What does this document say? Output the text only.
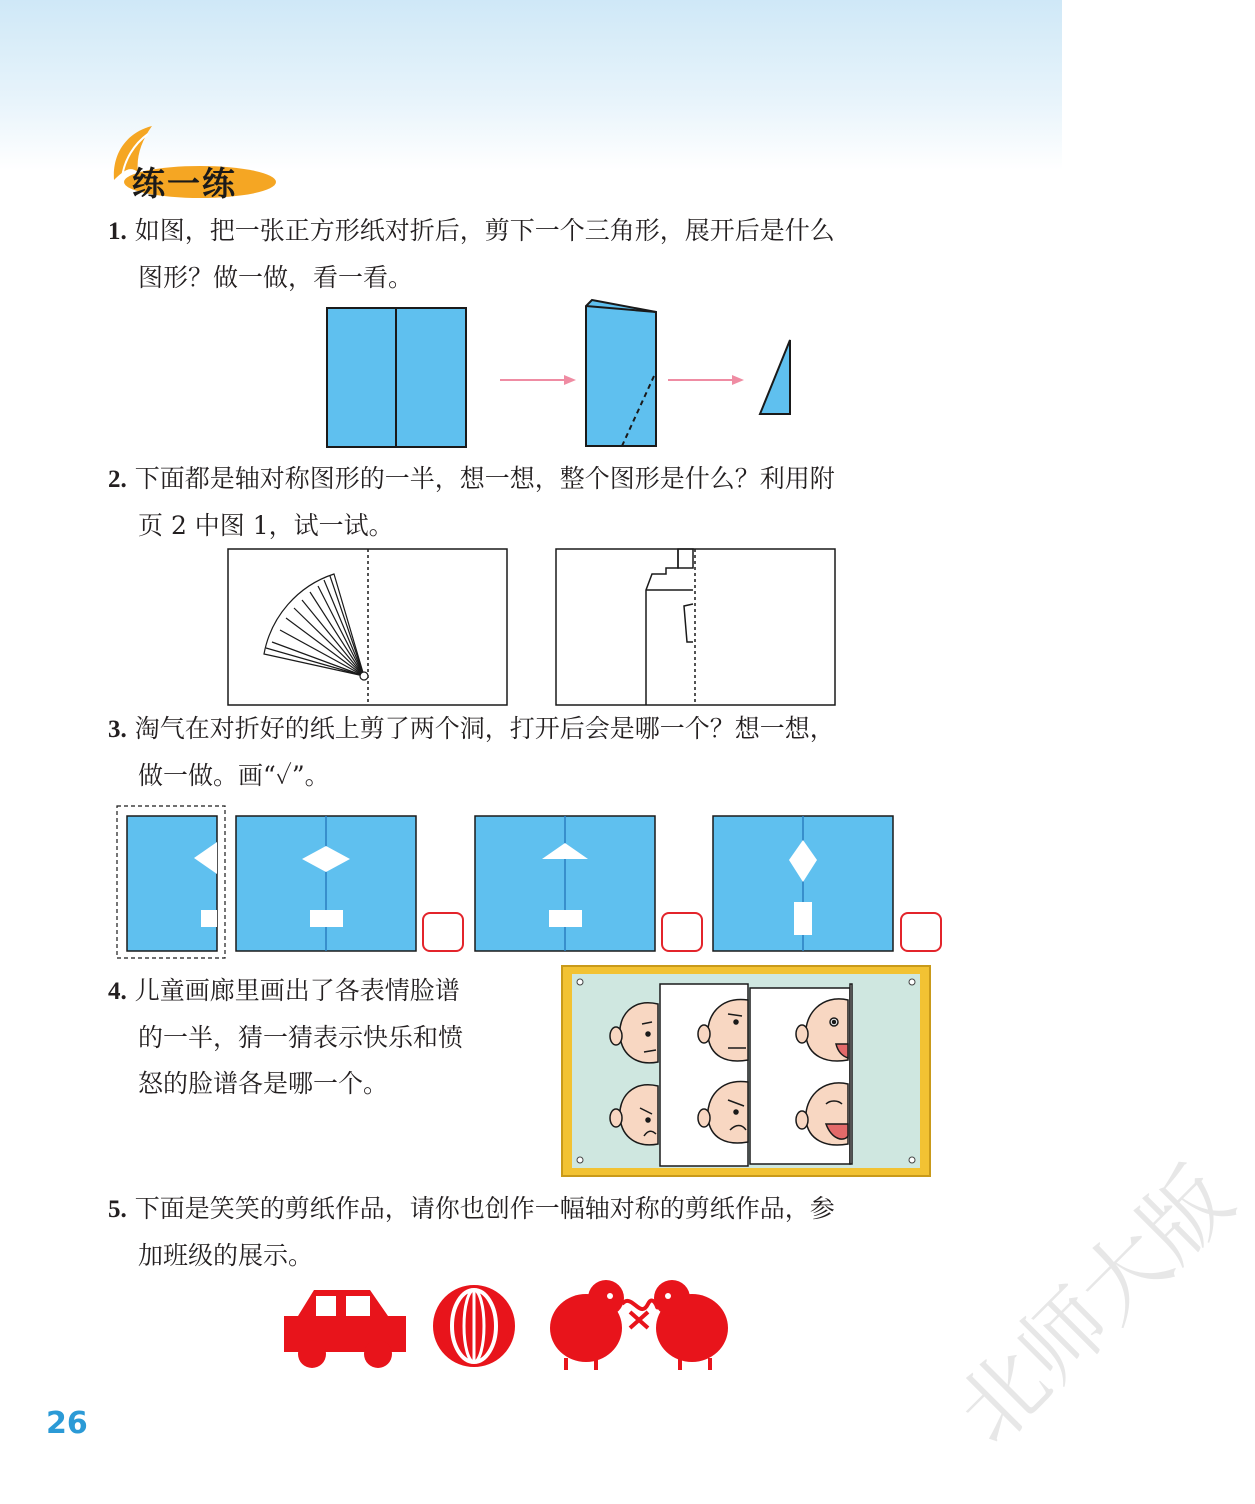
练一练
1. 如图，把一张正方形纸对折后，剪下一个三角形，展开后是什么
图形？做一做，看一看。
2. 下面都是轴对称图形的一半，想一想，整个图形是什么？利用附
页 2 中图 1，试一试。
3. 淘气在对折好的纸上剪了两个洞，打开后会是哪一个？想一想，
做一做。画“✓”。
4. 儿童画廊里画出了各表情脸谱
的一半，猜一猜表示快乐和愤
怒的脸谱各是哪一个。
5. 下面是笑笑的剪纸作品，请你也创作一幅轴对称的剪纸作品，参
加班级的展示。	北师大版
26
